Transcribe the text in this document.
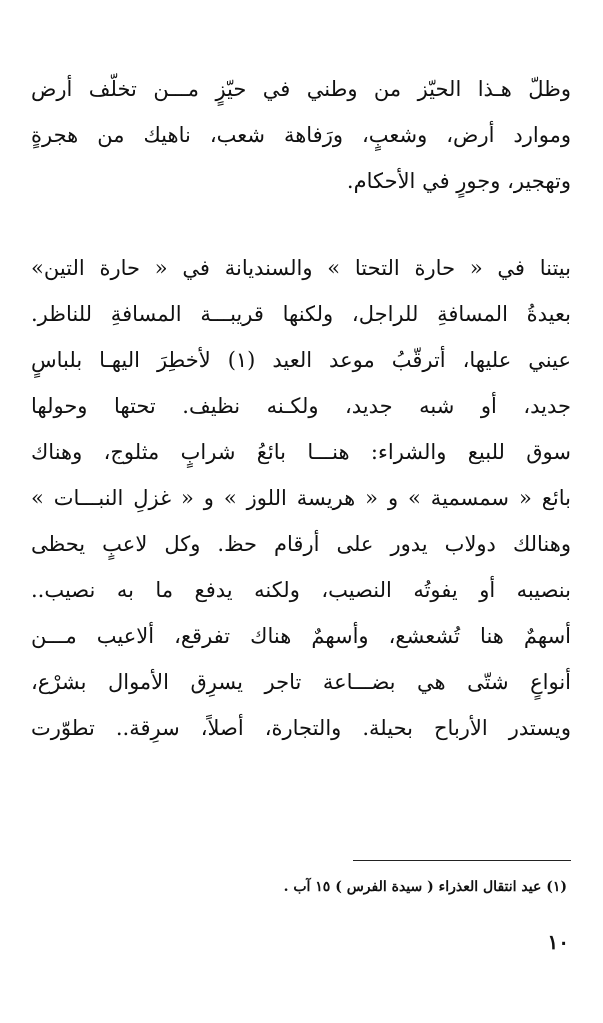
وظلّ هـذا الحيّز من وطني في حيّزٍ مـــن تخلّف أرض
وموارد أرض، وشعبٍ، ورَفاهة شعب، ناهيك من هجرةٍ
وتهجير، وجورٍ في الأحكام.
بيتنا في « حارة التحتا » والسنديانة في « حارة التين»
بعيدةُ المسافةِ للراجل، ولكنها قريبـــة المسافةِ للناظر.
عيني عليها، أترقّبُ موعد العيد (١) لأخطِرَ اليهـا بلباسٍ
جديد، أو شبه جديد، ولكـنه نظيف. تحتها وحولها
سوق للبيع والشراء: هنـــا بائعُ شرابٍ مثلوج، وهناك
بائع « سمسمية » و « هريسة اللوز » و « غزلِ النبـــات »
وهنالك دولاب يدور على أرقام حظ. وكل لاعبٍ يحظى
بنصيبه أو يفوتُه النصيب، ولكنه يدفع ما به نصيب..
أسهمٌ هنا تُشعشع، وأسهمٌ هناك تفرقع، ألاعيب مـــن
أنواعٍ شتّى هي بضـــاعة تاجر يسرِق الأموال بشرْع،
ويستدر الأرباح بحيلة. والتجارة، أصلاً، سرِقة.. تطوّرت
(١) عيد انتقال العذراء ( سيدة الفرس ) ١٥ آب .
١٠
